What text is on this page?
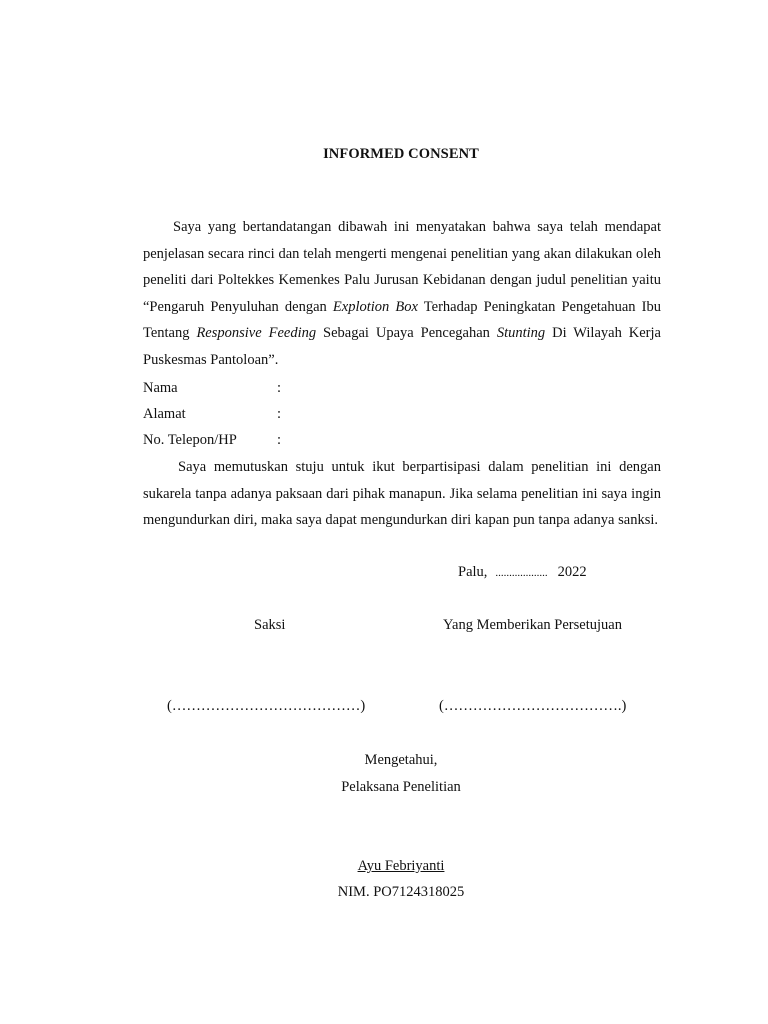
INFORMED CONSENT

Saya yang bertandatangan dibawah ini menyatakan bahwa saya telah mendapat penjelasan secara rinci dan telah mengerti mengenai penelitian yang akan dilakukan oleh peneliti dari Poltekkes Kemenkes Palu Jurusan Kebidanan dengan judul penelitian yaitu “Pengaruh Penyuluhan dengan Explotion Box Terhadap Peningkatan Pengetahuan Ibu Tentang Responsive Feeding Sebagai Upaya Pencegahan Stunting Di Wilayah Kerja Puskesmas Pantoloan”.

Nama	:
Alamat	:
No. Telepon/HP	:

Saya memutuskan stuju untuk ikut berpartisipasi dalam penelitian ini dengan sukarela tanpa adanya paksaan dari pihak manapun. Jika selama penelitian ini saya ingin mengundurkan diri, maka saya dapat mengundurkan diri kapan pun tanpa adanya sanksi.

Palu, ................... 2022
Saksi	Yang Memberikan Persetujuan
(…………………………………)	(……………………………….)
Mengetahui,
Pelaksana Penelitian
Ayu Febriyanti
NIM. PO7124318025
